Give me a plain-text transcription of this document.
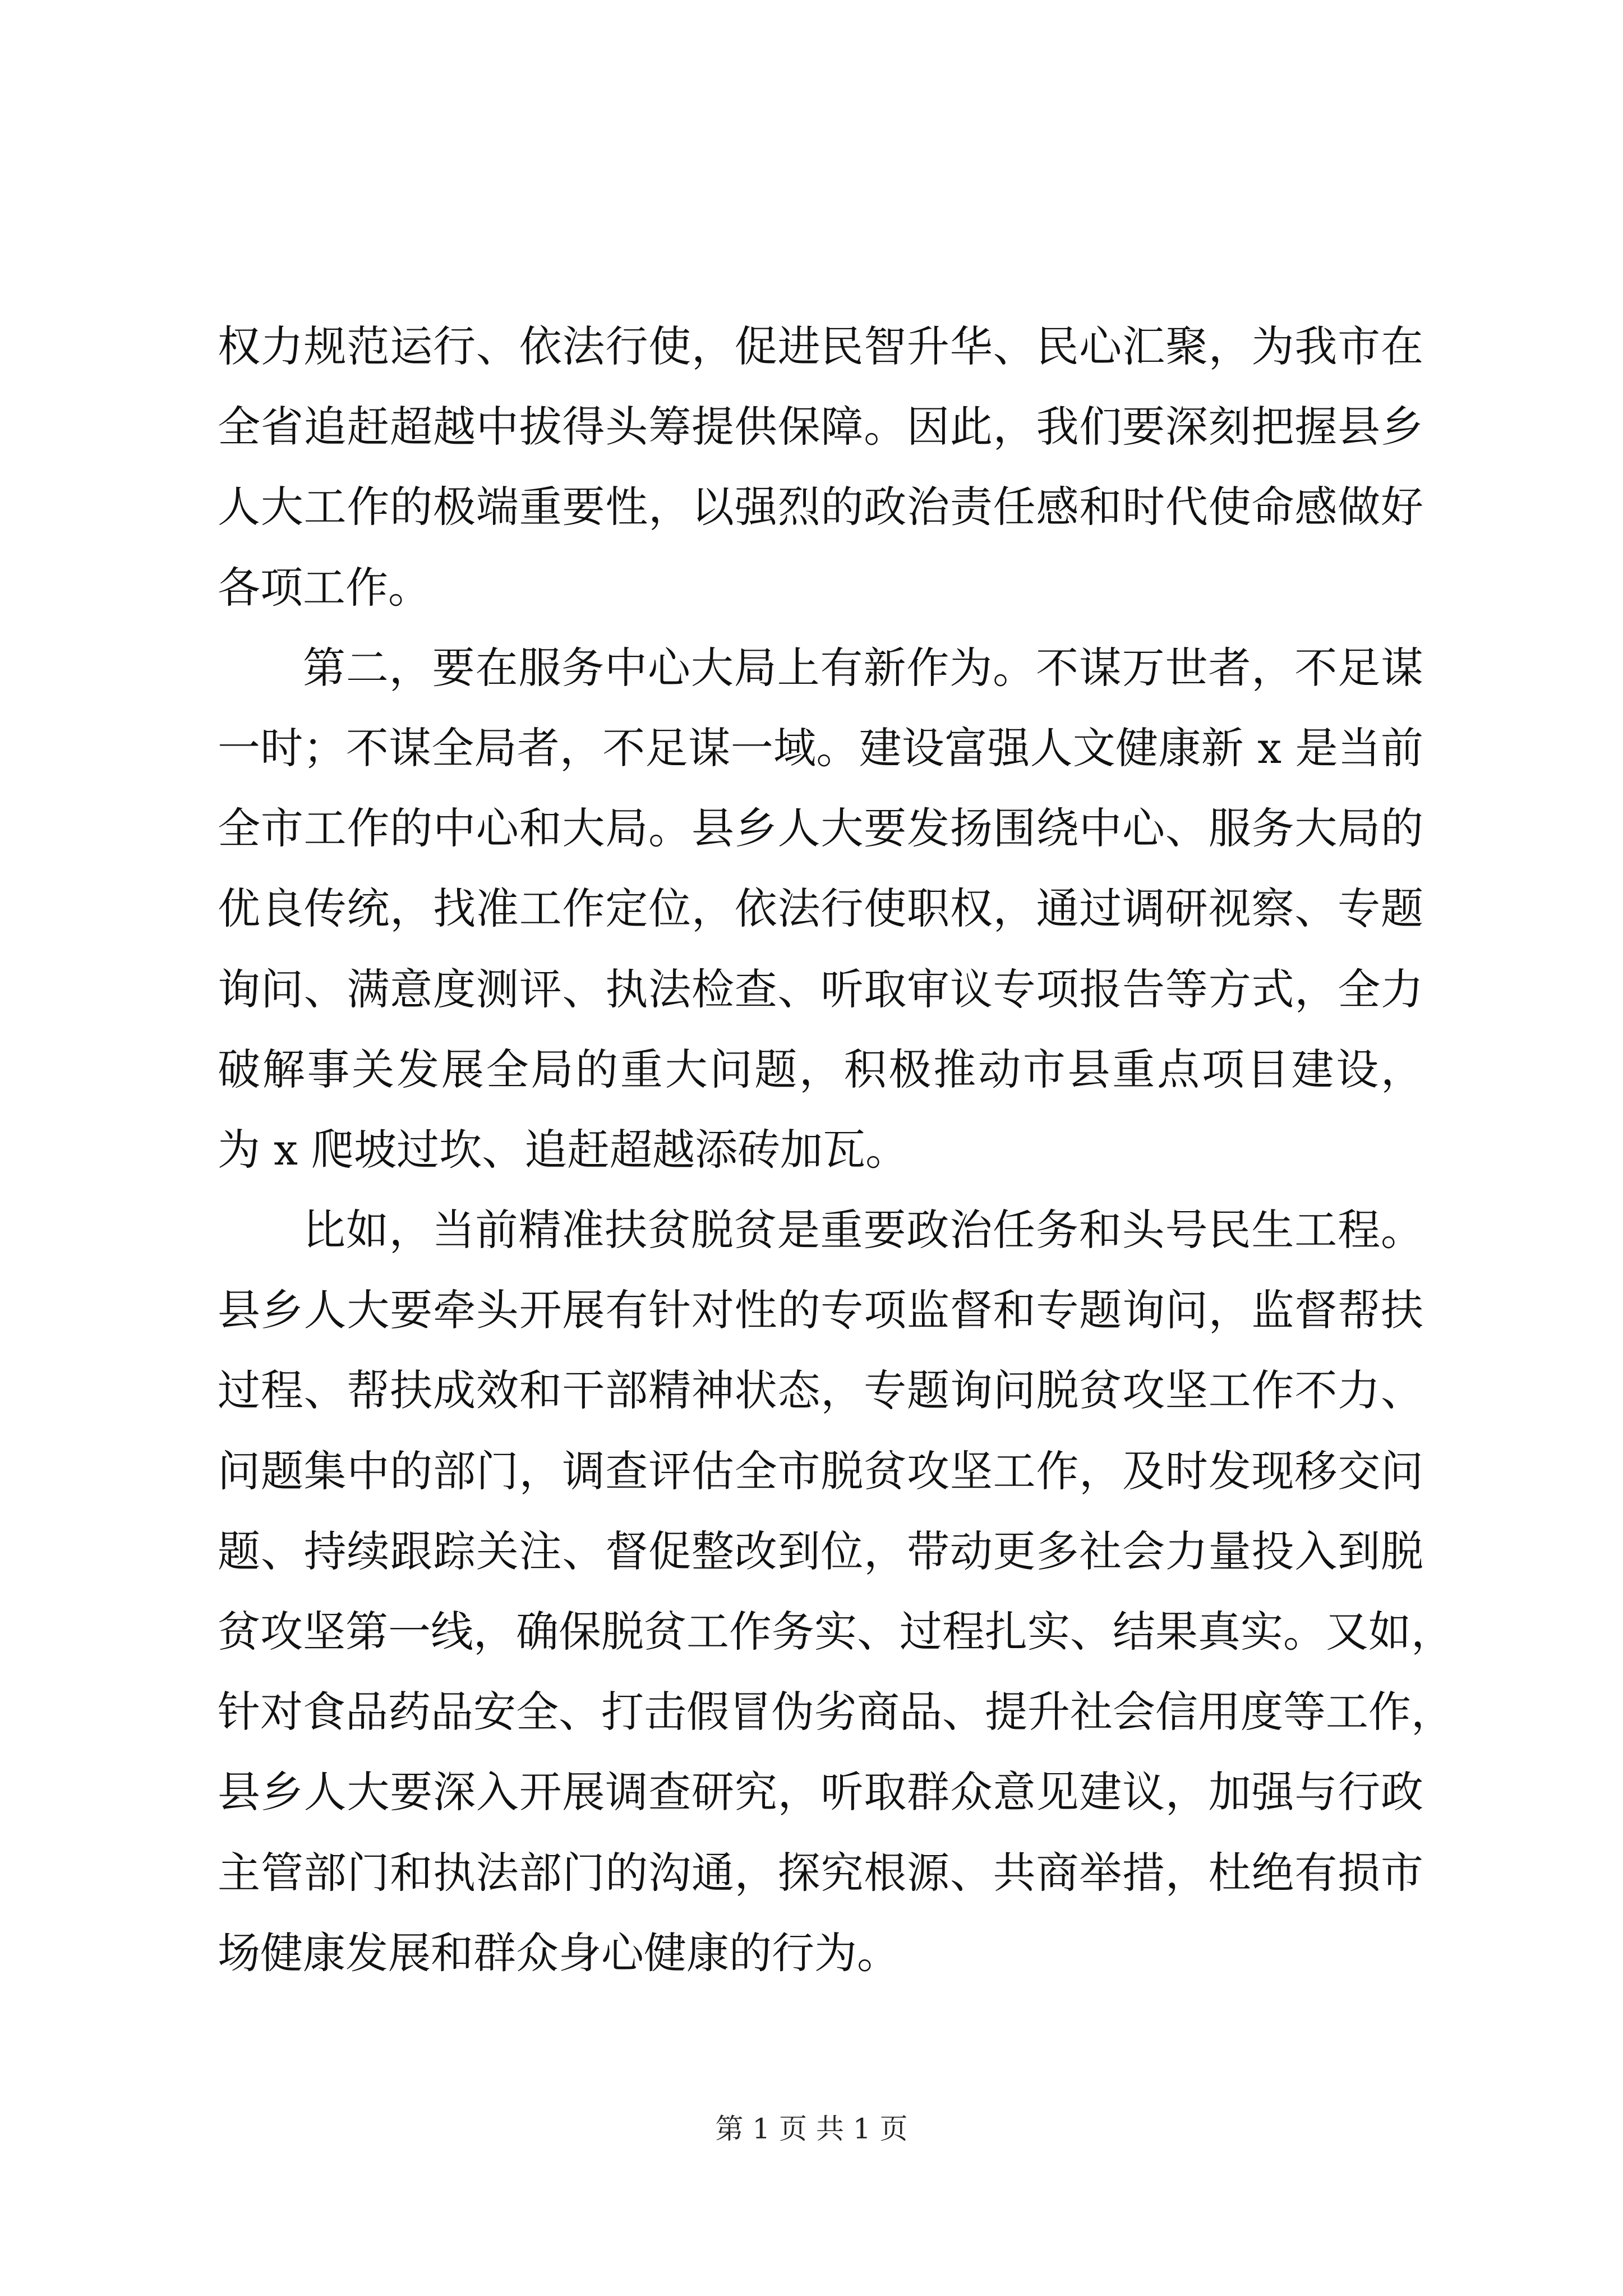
权力规范运行、依法行使，促进民智升华、民心汇聚，为我市在
全省追赶超越中拔得头筹提供保障。因此，我们要深刻把握县乡
人大工作的极端重要性，以强烈的政治责任感和时代使命感做好
各项工作。
第二，要在服务中心大局上有新作为。不谋万世者，不足谋
一时；不谋全局者，不足谋一域。建设富强人文健康新 x 是当前
全市工作的中心和大局。县乡人大要发扬围绕中心、服务大局的
优良传统，找准工作定位，依法行使职权，通过调研视察、专题
询问、满意度测评、执法检查、听取审议专项报告等方式，全力
破解事关发展全局的重大问题，积极推动市县重点项目建设，
为 x 爬坡过坎、追赶超越添砖加瓦。
比如，当前精准扶贫脱贫是重要政治任务和头号民生工程。
县乡人大要牵头开展有针对性的专项监督和专题询问，监督帮扶
过程、帮扶成效和干部精神状态，专题询问脱贫攻坚工作不力、
问题集中的部门，调查评估全市脱贫攻坚工作，及时发现移交问
题、持续跟踪关注、督促整改到位，带动更多社会力量投入到脱
贫攻坚第一线，确保脱贫工作务实、过程扎实、结果真实。又如，
针对食品药品安全、打击假冒伪劣商品、提升社会信用度等工作，
县乡人大要深入开展调查研究，听取群众意见建议，加强与行政
主管部门和执法部门的沟通，探究根源、共商举措，杜绝有损市
场健康发展和群众身心健康的行为。
第 1 页 共 1 页
